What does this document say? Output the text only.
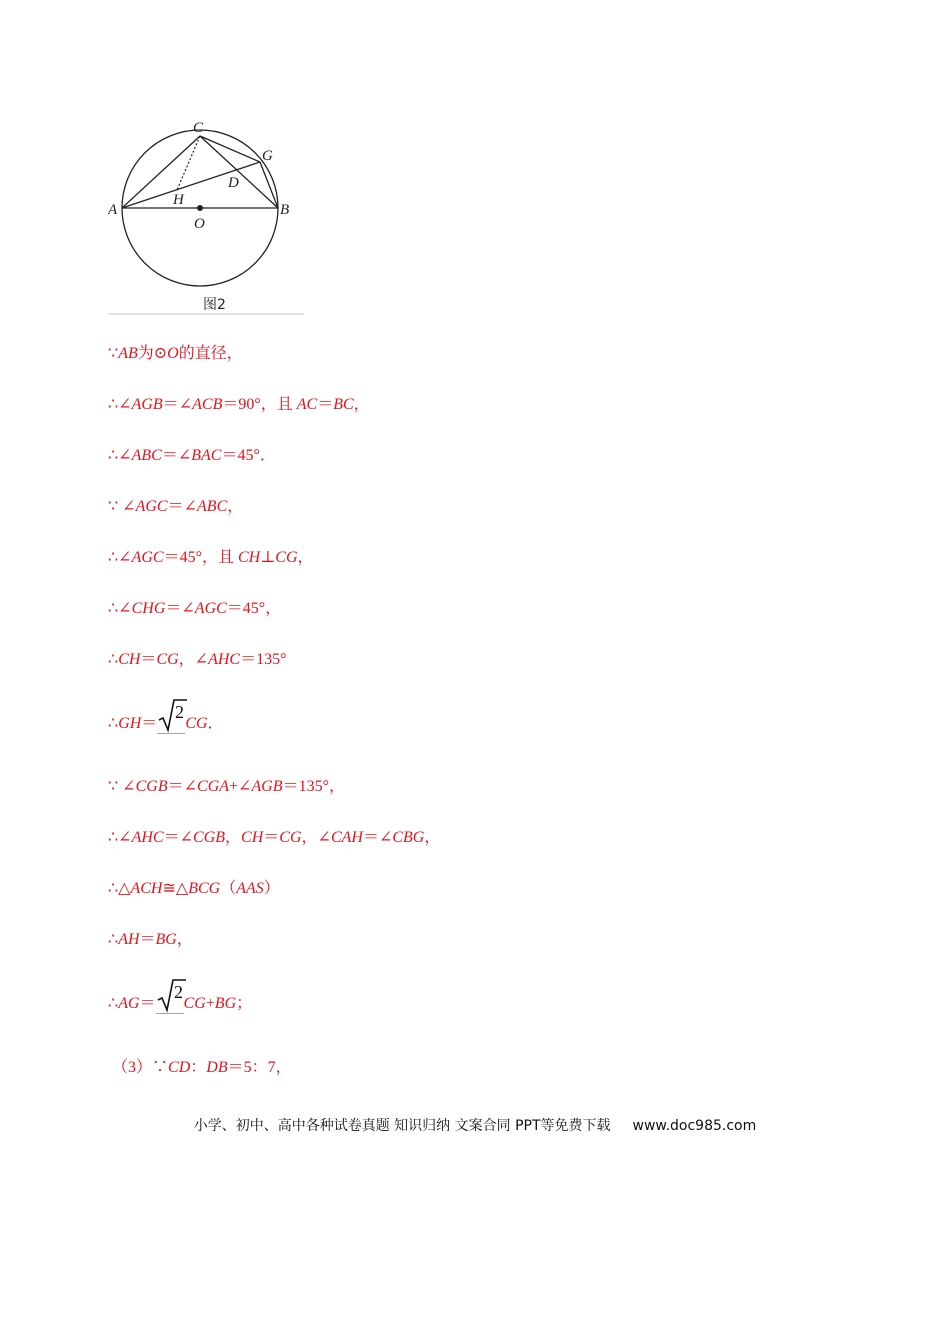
C
G
D
H
A	B
O
图2
∵AB为⊙O的直径，
∴∠AGB＝∠ACB＝90°，且 AC＝BC，
∴∠ABC＝∠BAC＝45°．
∵ ∠AGC＝∠ABC，
∴∠AGC＝45°，且 CH⊥CG，
∴∠CHG＝∠AGC＝45°，
∴CH＝CG，∠AHC＝135°
∴GH＝
2
CG．
∵ ∠CGB＝∠CGA+∠AGB＝135°，
∴∠AHC＝∠CGB，CH＝CG，∠CAH＝∠CBG，
∴△ACH≅△BCG（AAS）
∴AH＝BG，
∴AG＝
2
CG+BG；
（3）∵CD：DB＝5：7，
小学、初中、高中各种试卷真题 知识归纳 文案合同 PPT等免费下载 www.doc985.com
